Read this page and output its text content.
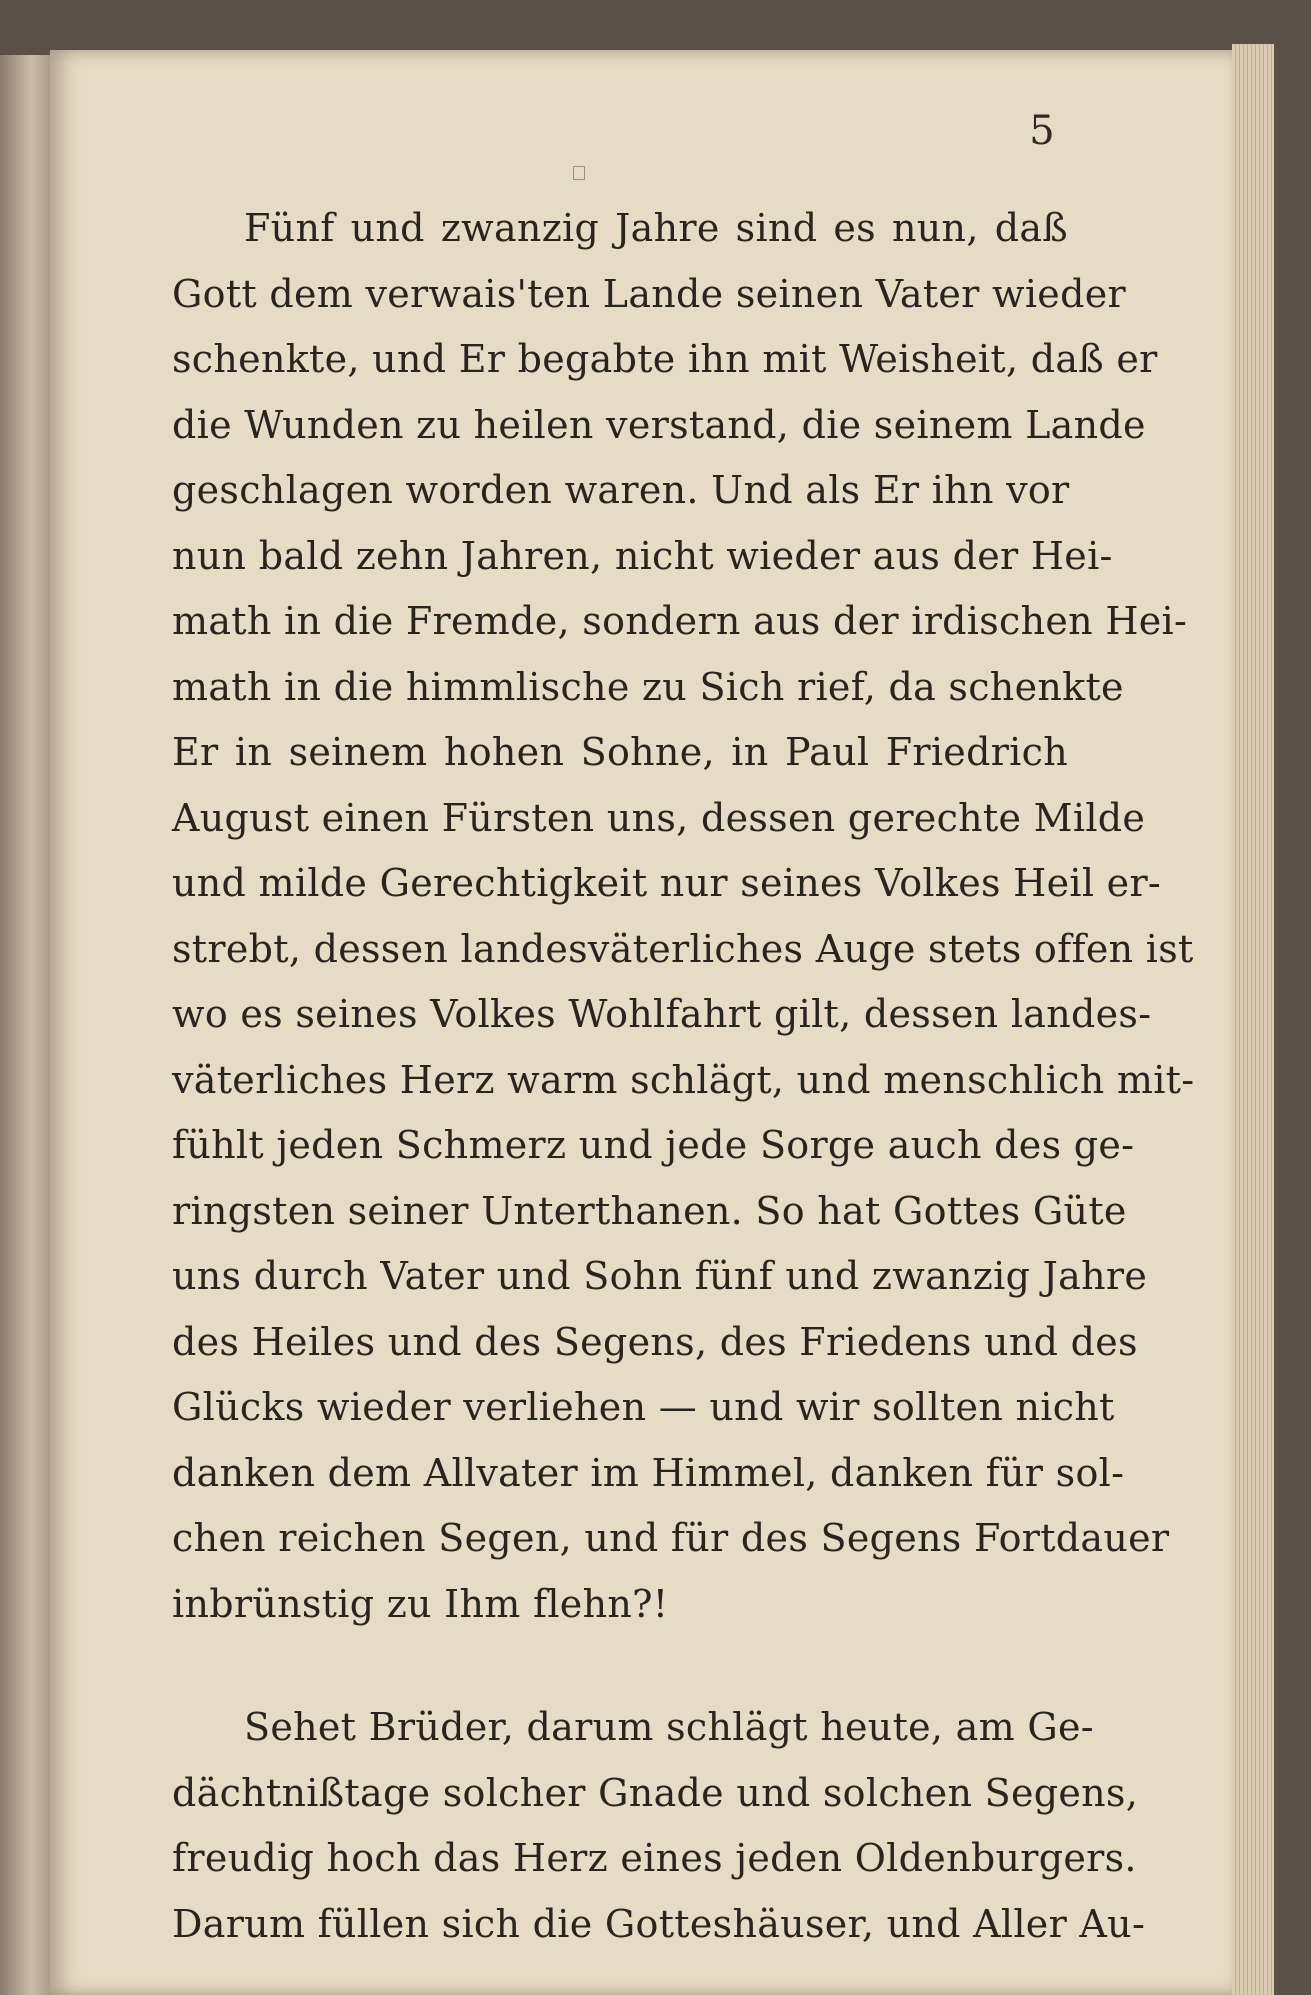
5
Fünf und zwanzig Jahre sind es nun, daß
Gott dem verwais'ten Lande seinen Vater wieder
schenkte, und Er begabte ihn mit Weisheit, daß er
die Wunden zu heilen verstand, die seinem Lande
geschlagen worden waren. Und als Er ihn vor
nun bald zehn Jahren, nicht wieder aus der Hei-
math in die Fremde, sondern aus der irdischen Hei-
math in die himmlische zu Sich rief, da schenkte
Er in seinem hohen Sohne, in Paul Friedrich
August einen Fürsten uns, dessen gerechte Milde
und milde Gerechtigkeit nur seines Volkes Heil er-
strebt, dessen landesväterliches Auge stets offen ist
wo es seines Volkes Wohlfahrt gilt, dessen landes-
väterliches Herz warm schlägt, und menschlich mit-
fühlt jeden Schmerz und jede Sorge auch des ge-
ringsten seiner Unterthanen. So hat Gottes Güte
uns durch Vater und Sohn fünf und zwanzig Jahre
des Heiles und des Segens, des Friedens und des
Glücks wieder verliehen — und wir sollten nicht
danken dem Allvater im Himmel, danken für sol-
chen reichen Segen, und für des Segens Fortdauer
inbrünstig zu Ihm flehn?!
Sehet Brüder, darum schlägt heute, am Ge-
dächtnißtage solcher Gnade und solchen Segens,
freudig hoch das Herz eines jeden Oldenburgers.
Darum füllen sich die Gotteshäuser, und Aller Au-
